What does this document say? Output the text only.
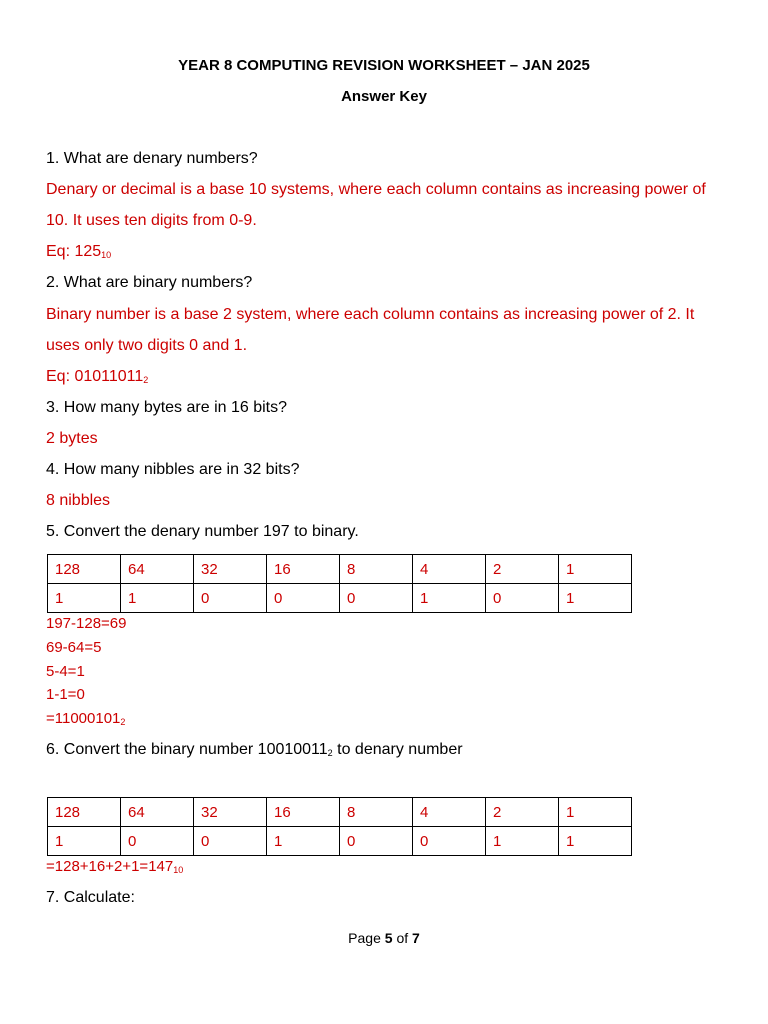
YEAR 8 COMPUTING REVISION WORKSHEET – JAN 2025
Answer Key

1. What are denary numbers?

Denary or decimal is a base 10 systems, where each column contains as increasing power of

10. It uses ten digits from 0-9.

Eq: $125_{10}$

2. What are binary numbers?

Binary number is a base 2 system, where each column contains as increasing power of 2. It

uses only two digits 0 and 1.

Eq: $01011011_2$

3. How many bytes are in 16 bits?

2 bytes

4. How many nibbles are in 32 bits?

8 nibbles

5. Convert the denary number 197 to binary.

128	64	32	16	8	4	2	1
1	1	0	0	0	1	0	1

197-128=69

69-64=5

5-4=1

1-1=0

$=11000101_2$

6. Convert the binary number $10010011_2$ to denary number

128	64	32	16	8	4	2	1
1	0	0	1	0	0	1	1

$=128+16+2+1=147_{10}$

7. Calculate:

Page 5 of 7
